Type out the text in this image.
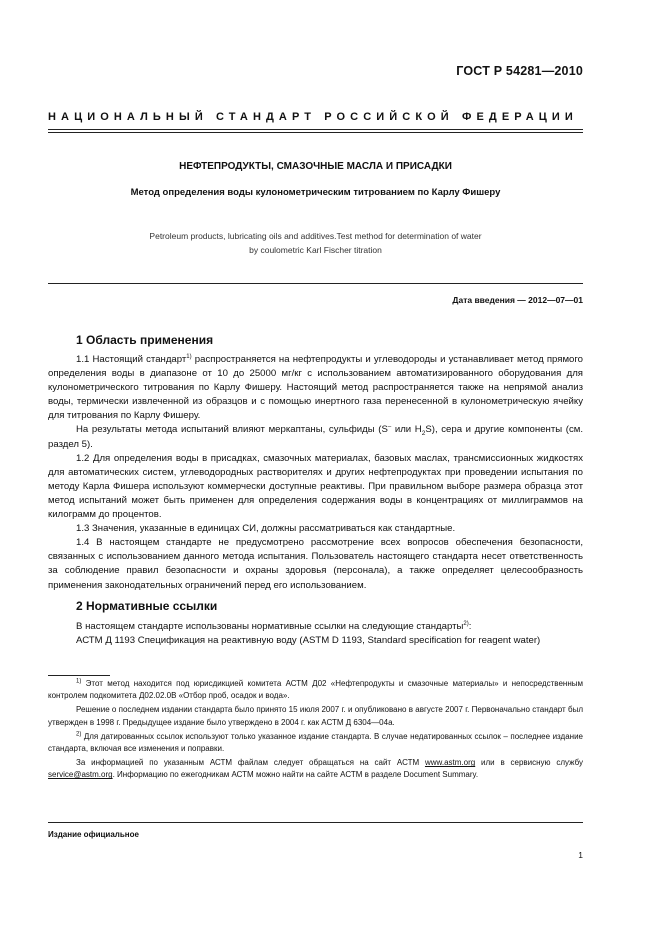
ГОСТ Р 54281—2010
НАЦИОНАЛЬНЫЙ СТАНДАРТ РОССИЙСКОЙ ФЕДЕРАЦИИ
НЕФТЕПРОДУКТЫ, СМАЗОЧНЫЕ МАСЛА И ПРИСАДКИ
Метод определения воды кулонометрическим титрованием по Карлу Фишеру
Petroleum products, lubricating oils and additives.Test method for determination of water
by coulometric Karl Fischer titration
Дата введения — 2012—07—01
1 Область применения

1.1 Настоящий стандарт$^{1)}$ распространяется на нефтепродукты и углеводороды и устанавливает метод прямого определения воды в диапазоне от 10 до 25000 мг/кг с использованием автоматизированного оборудования для кулонометрического титрования по Карлу Фишеру. Настоящий метод распространяется также на непрямой анализ воды, термически извлеченной из образцов и с помощью инертного газа перенесенной в кулонометрическую ячейку для титрования по Карлу Фишеру.

На результаты метода испытаний влияют меркаптаны, сульфиды (S– или $H_2S$), сера и другие компоненты (см. раздел 5).

1.2 Для определения воды в присадках, смазочных материалах, базовых маслах, трансмиссионных жидкостях для автоматических систем, углеводородных растворителях и других нефтепродуктах при проведении испытания по методу Карла Фишера используют коммерчески доступные реактивы. При правильном выборе размера образца этот метод испытаний может быть применен для определения содержания воды в концентрациях от миллиграммов на килограмм до процентов.

1.3 Значения, указанные в единицах СИ, должны рассматриваться как стандартные.

1.4 В настоящем стандарте не предусмотрено рассмотрение всех вопросов обеспечения безопасности, связанных с использованием данного метода испытания. Пользователь настоящего стандарта несет ответственность за соблюдение правил безопасности и охраны здоровья (персонала), а также определяет целесообразность применения законодательных ограничений перед его использованием.

2 Нормативные ссылки

В настоящем стандарте использованы нормативные ссылки на следующие стандарты$^{2)}$:

АСТМ Д 1193 Спецификация на реактивную воду (ASTM D 1193, Standard specification for reagent water)

$^{1)}$ Этот метод находится под юрисдикцией комитета АСТМ Д02 «Нефтепродукты и смазочные материалы» и непосредственным контролем подкомитета Д02.02.0В «Отбор проб, осадок и вода».

Решение о последнем издании стандарта было принято 15 июля 2007 г. и опубликовано в августе 2007 г. Первоначально стандарт был утвержден в 1998 г. Предыдущее издание было утверждено в 2004 г. как АСТМ Д 6304—04а.

$^{2)}$ Для датированных ссылок используют только указанное издание стандарта. В случае недатированных ссылок – последнее издание стандарта, включая все изменения и поправки.

За информацией по указанным АСТМ файлам следует обращаться на сайт АСТМ www.astm.org или в сервисную службу service@astm.org. Информацию по ежегодникам АСТМ можно найти на сайте АСТМ в разделе Document Summary.

Издание официальное
1
